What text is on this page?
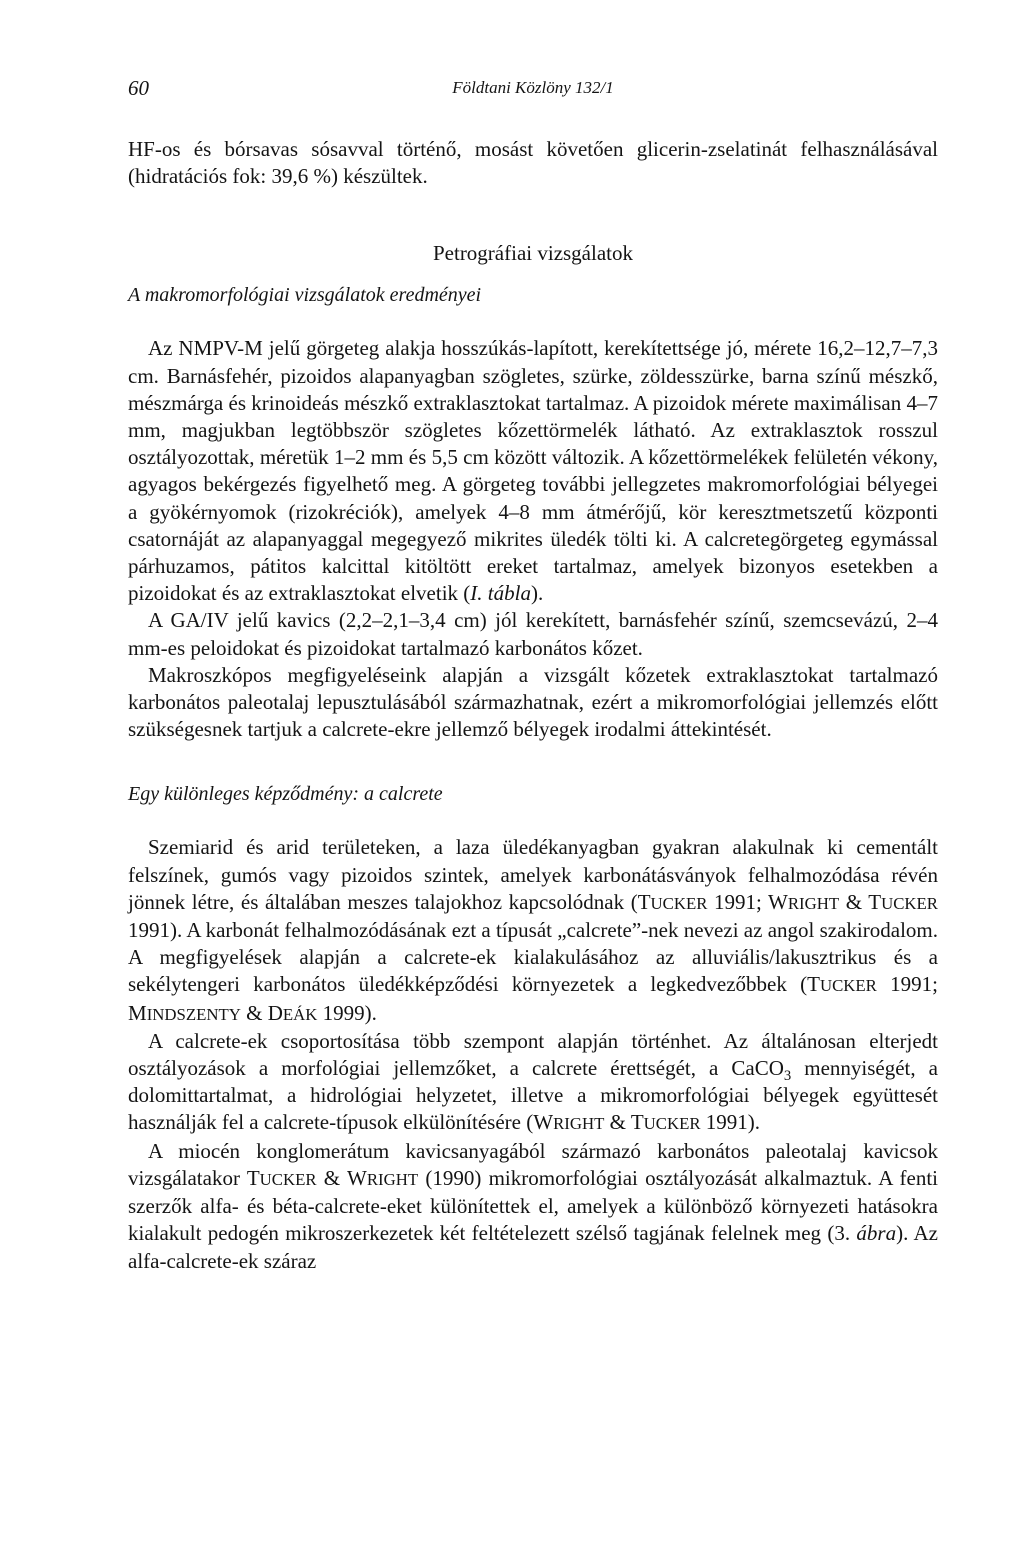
60	Földtani Közlöny 132/1

HF-os és bórsavas sósavval történő, mosást követően glicerin-zselatinát felhasználásával (hidratációs fok: 39,6 %) készültek.

Petrográfiai vizsgálatok
A makromorfológiai vizsgálatok eredményei

Az NMPV-M jelű görgeteg alakja hosszúkás-lapított, kerekítettsége jó, mérete 16,2–12,7–7,3 cm. Barnásfehér, pizoidos alapanyagban szögletes, szürke, zöldesszürke, barna színű mészkő, mészmárga és krinoideás mészkő extraklasztokat tartalmaz. A pizoidok mérete maximálisan 4–7 mm, magjukban legtöbbször szögletes kőzettörmelék látható. Az extraklasztok rosszul osztályozottak, méretük 1–2 mm és 5,5 cm között változik. A kőzettörmelékek felületén vékony, agyagos bekérgezés figyelhető meg. A görgeteg további jellegzetes makromorfológiai bélyegei a gyökérnyomok (rizokréciók), amelyek 4–8 mm átmérőjű, kör keresztmetszetű központi csatornáját az alapanyaggal megegyező mikrites üledék tölti ki. A calcretegörgeteg egymással párhuzamos, pátitos kalcittal kitöltött ereket tartalmaz, amelyek bizonyos esetekben a pizoidokat és az extraklasztokat elvetik (I. tábla).

A GA/IV jelű kavics (2,2–2,1–3,4 cm) jól kerekített, barnásfehér színű, szemcsevázú, 2–4 mm-es peloidokat és pizoidokat tartalmazó karbonátos kőzet.

Makroszkópos megfigyeléseink alapján a vizsgált kőzetek extraklasztokat tartalmazó karbonátos paleotalaj lepusztulásából származhatnak, ezért a mikromorfológiai jellemzés előtt szükségesnek tartjuk a calcrete-ekre jellemző bélyegek irodalmi áttekintését.

Egy különleges képződmény: a calcrete

Szemiarid és arid területeken, a laza üledékanyagban gyakran alakulnak ki cementált felszínek, gumós vagy pizoidos szintek, amelyek karbonátásványok felhalmozódása révén jönnek létre, és általában meszes talajokhoz kapcsolódnak (TUCKER 1991; WRIGHT & TUCKER 1991). A karbonát felhalmozódásának ezt a típusát „calcrete”-nek nevezi az angol szakirodalom. A megfigyelések alapján a calcrete-ek kialakulásához az alluviális/lakusztrikus és a sekélytengeri karbonátos üledékképződési környezetek a legkedvezőbbek (TUCKER 1991; MINDSZENTY & DEÁK 1999).

A calcrete-ek csoportosítása több szempont alapján történhet. Az általánosan elterjedt osztályozások a morfológiai jellemzőket, a calcrete érettségét, a CaCO$_3$ mennyiségét, a dolomittartalmat, a hidrológiai helyzetet, illetve a mikromorfológiai bélyegek együttesét használják fel a calcrete-típusok elkülönítésére (WRIGHT & TUCKER 1991).

A miocén konglomerátum kavicsanyagából származó karbonátos paleotalaj kavicsok vizsgálatakor TUCKER & WRIGHT (1990) mikromorfológiai osztályozását alkalmaztuk. A fenti szerzők alfa- és béta-calcrete-eket különítettek el, amelyek a különböző környezeti hatásokra kialakult pedogén mikroszerkezetek két feltételezett szélső tagjának felelnek meg (3. ábra). Az alfa-calcrete-ek száraz
